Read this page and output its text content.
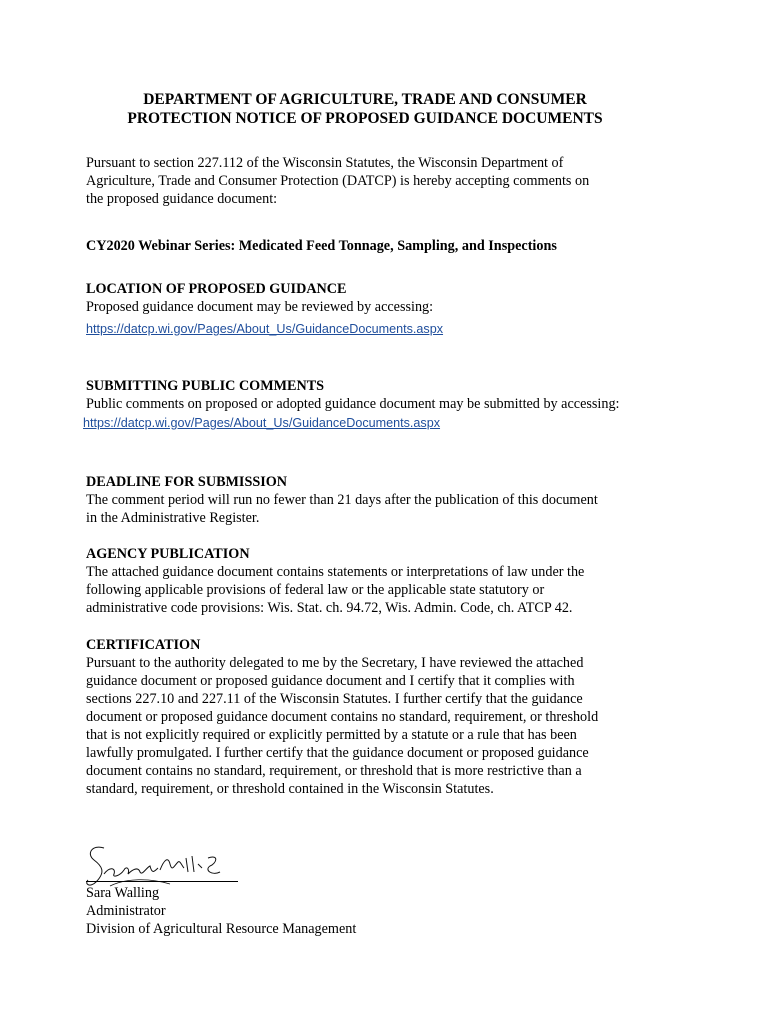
DEPARTMENT OF AGRICULTURE, TRADE AND CONSUMER
PROTECTION NOTICE OF PROPOSED GUIDANCE DOCUMENTS

Pursuant to section 227.112 of the Wisconsin Statutes, the Wisconsin Department of

Agriculture, Trade and Consumer Protection (DATCP) is hereby accepting comments on

the proposed guidance document:

CY2020 Webinar Series: Medicated Feed Tonnage, Sampling, and Inspections

LOCATION OF PROPOSED GUIDANCE

Proposed guidance document may be reviewed by accessing:

https://datcp.wi.gov/Pages/About_Us/GuidanceDocuments.aspx

SUBMITTING PUBLIC COMMENTS

Public comments on proposed or adopted guidance document may be submitted by accessing:

https://datcp.wi.gov/Pages/About_Us/GuidanceDocuments.aspx

DEADLINE FOR SUBMISSION

The comment period will run no fewer than 21 days after the publication of this document

in the Administrative Register.

AGENCY PUBLICATION

The attached guidance document contains statements or interpretations of law under the

following applicable provisions of federal law or the applicable state statutory or

administrative code provisions: Wis. Stat. ch. 94.72, Wis. Admin. Code, ch. ATCP 42.

CERTIFICATION

Pursuant to the authority delegated to me by the Secretary, I have reviewed the attached

guidance document or proposed guidance document and I certify that it complies with

sections 227.10 and 227.11 of the Wisconsin Statutes. I further certify that the guidance

document or proposed guidance document contains no standard, requirement, or threshold

that is not explicitly required or explicitly permitted by a statute or a rule that has been

lawfully promulgated. I further certify that the guidance document or proposed guidance

document contains no standard, requirement, or threshold that is more restrictive than a

standard, requirement, or threshold contained in the Wisconsin Statutes.

Sara Walling

Administrator

Division of Agricultural Resource Management
